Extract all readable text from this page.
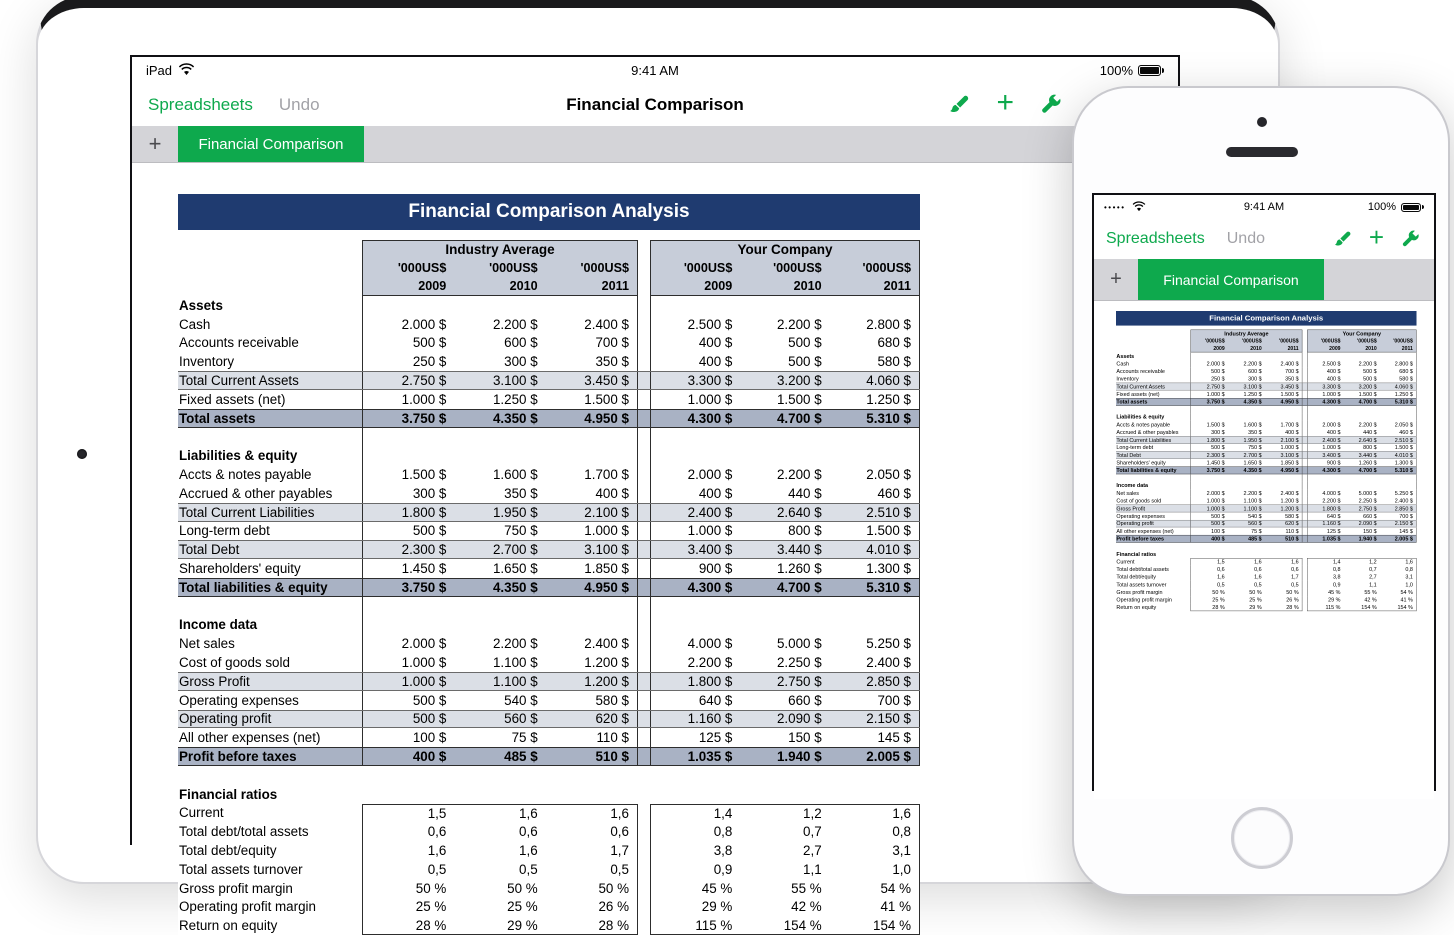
iPad	9:41 AM	100%
Spreadsheets Undo	Financial Comparison	+
+	Financial Comparison
Financial Comparison Analysis
Industry Average
'000US$	'000US$	'000US$
2009	2010	2011
Your Company
'000US$	'000US$	'000US$
2009	2010	2011
Assets
Cash	2.000 $	2.200 $	2.400 $	2.500 $	2.200 $	2.800 $
Accounts receivable	500 $	600 $	700 $	400 $	500 $	680 $
Inventory	250 $	300 $	350 $	400 $	500 $	580 $
Total Current Assets	2.750 $	3.100 $	3.450 $	3.300 $	3.200 $	4.060 $
Fixed assets (net)	1.000 $	1.250 $	1.500 $	1.000 $	1.500 $	1.250 $
Total assets	3.750 $	4.350 $	4.950 $	4.300 $	4.700 $	5.310 $
Liabilities & equity
Accts & notes payable	1.500 $	1.600 $	1.700 $	2.000 $	2.200 $	2.050 $
Accrued & other payables	300 $	350 $	400 $	400 $	440 $	460 $
Total Current Liabilities	1.800 $	1.950 $	2.100 $	2.400 $	2.640 $	2.510 $
Long-term debt	500 $	750 $	1.000 $	1.000 $	800 $	1.500 $
Total Debt	2.300 $	2.700 $	3.100 $	3.400 $	3.440 $	4.010 $
Shareholders' equity	1.450 $	1.650 $	1.850 $	900 $	1.260 $	1.300 $
Total liabilities & equity	3.750 $	4.350 $	4.950 $	4.300 $	4.700 $	5.310 $
Income data
Net sales	2.000 $	2.200 $	2.400 $	4.000 $	5.000 $	5.250 $
Cost of goods sold	1.000 $	1.100 $	1.200 $	2.200 $	2.250 $	2.400 $
Gross Profit	1.000 $	1.100 $	1.200 $	1.800 $	2.750 $	2.850 $
Operating expenses	500 $	540 $	580 $	640 $	660 $	700 $
Operating profit	500 $	560 $	620 $	1.160 $	2.090 $	2.150 $
All other expenses (net)	100 $	75 $	110 $	125 $	150 $	145 $
Profit before taxes	400 $	485 $	510 $	1.035 $	1.940 $	2.005 $
Financial ratios
Current	1,5	1,6	1,6	1,4	1,2	1,6
Total debt/total assets	0,6	0,6	0,6	0,8	0,7	0,8
Total debt/equity	1,6	1,6	1,7	3,8	2,7	3,1
Total assets turnover	0,5	0,5	0,5	0,9	1,1	1,0
Gross profit margin	50 %	50 %	50 %	45 %	55 %	54 %
Operating profit margin	25 %	25 %	26 %	29 %	42 %	41 %
Return on equity	28 %	29 %	28 %	115 %	154 %	154 %
•••••	9:41 AM	100%
Spreadsheets Undo	+
+	Financial Comparison
Financial Comparison Analysis
Industry Average
'000US$	'000US$	'000US$
2009	2010	2011
Your Company
'000US$	'000US$	'000US$
2009	2010	2011
Assets
Cash	2.000 $	2.200 $	2.400 $	2.500 $	2.200 $	2.800 $
Accounts receivable	500 $	600 $	700 $	400 $	500 $	680 $
Inventory	250 $	300 $	350 $	400 $	500 $	580 $
Total Current Assets	2.750 $	3.100 $	3.450 $	3.300 $	3.200 $	4.060 $
Fixed assets (net)	1.000 $	1.250 $	1.500 $	1.000 $	1.500 $	1.250 $
Total assets	3.750 $	4.350 $	4.950 $	4.300 $	4.700 $	5.310 $
Liabilities & equity
Accts & notes payable	1.500 $	1.600 $	1.700 $	2.000 $	2.200 $	2.050 $
Accrued & other payables	300 $	350 $	400 $	400 $	440 $	460 $
Total Current Liabilities	1.800 $	1.950 $	2.100 $	2.400 $	2.640 $	2.510 $
Long-term debt	500 $	750 $	1.000 $	1.000 $	800 $	1.500 $
Total Debt	2.300 $	2.700 $	3.100 $	3.400 $	3.440 $	4.010 $
Shareholders' equity	1.450 $	1.650 $	1.850 $	900 $	1.260 $	1.300 $
Total liabilities & equity	3.750 $	4.350 $	4.950 $	4.300 $	4.700 $	5.310 $
Income data
Net sales	2.000 $	2.200 $	2.400 $	4.000 $	5.000 $	5.250 $
Cost of goods sold	1.000 $	1.100 $	1.200 $	2.200 $	2.250 $	2.400 $
Gross Profit	1.000 $	1.100 $	1.200 $	1.800 $	2.750 $	2.850 $
Operating expenses	500 $	540 $	580 $	640 $	660 $	700 $
Operating profit	500 $	560 $	620 $	1.160 $	2.090 $	2.150 $
All other expenses (net)	100 $	75 $	110 $	125 $	150 $	145 $
Profit before taxes	400 $	485 $	510 $	1.035 $	1.940 $	2.005 $
Financial ratios
Current	1,5	1,6	1,6	1,4	1,2	1,6
Total debt/total assets	0,6	0,6	0,6	0,8	0,7	0,8
Total debt/equity	1,6	1,6	1,7	3,8	2,7	3,1
Total assets turnover	0,5	0,5	0,5	0,9	1,1	1,0
Gross profit margin	50 %	50 %	50 %	45 %	55 %	54 %
Operating profit margin	25 %	25 %	26 %	29 %	42 %	41 %
Return on equity	28 %	29 %	28 %	115 %	154 %	154 %
